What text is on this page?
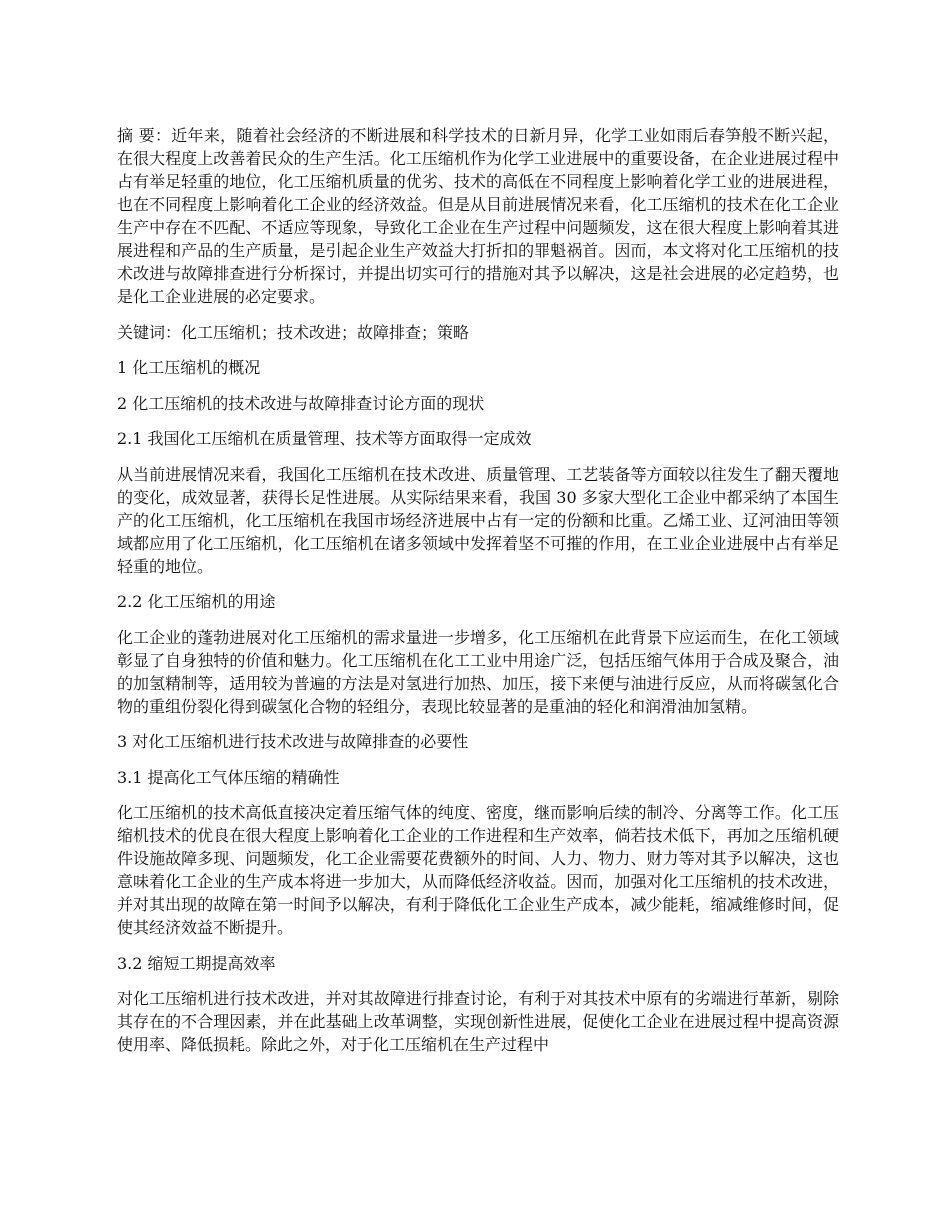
摘 要：近年来，随着社会经济的不断进展和科学技术的日新月异，化学工业如雨后春笋般不断兴起，在很大程度上改善着民众的生产生活。化工压缩机作为化学工业进展中的重要设备，在企业进展过程中占有举足轻重的地位，化工压缩机质量的优劣、技术的高低在不同程度上影响着化学工业的进展进程，也在不同程度上影响着化工企业的经济效益。但是从目前进展情况来看，化工压缩机的技术在化工企业生产中存在不匹配、不适应等现象，导致化工企业在生产过程中问题频发，这在很大程度上影响着其进展进程和产品的生产质量，是引起企业生产效益大打折扣的罪魁祸首。因而，本文将对化工压缩机的技术改进与故障排查进行分析探讨，并提出切实可行的措施对其予以解决，这是社会进展的必定趋势，也是化工企业进展的必定要求。

关键词：化工压缩机；技术改进；故障排查；策略

1 化工压缩机的概况

2 化工压缩机的技术改进与故障排查讨论方面的现状

2.1 我国化工压缩机在质量管理、技术等方面取得一定成效

从当前进展情况来看，我国化工压缩机在技术改进、质量管理、工艺装备等方面较以往发生了翻天覆地的变化，成效显著，获得长足性进展。从实际结果来看，我国 30 多家大型化工企业中都采纳了本国生产的化工压缩机，化工压缩机在我国市场经济进展中占有一定的份额和比重。乙烯工业、辽河油田等领域都应用了化工压缩机，化工压缩机在诸多领域中发挥着坚不可摧的作用，在工业企业进展中占有举足轻重的地位。

2.2 化工压缩机的用途

化工企业的蓬勃进展对化工压缩机的需求量进一步增多，化工压缩机在此背景下应运而生，在化工领域彰显了自身独特的价值和魅力。化工压缩机在化工工业中用途广泛，包括压缩气体用于合成及聚合，油的加氢精制等，适用较为普遍的方法是对氢进行加热、加压，接下来便与油进行反应，从而将碳氢化合物的重组份裂化得到碳氢化合物的轻组分，表现比较显著的是重油的轻化和润滑油加氢精。

3 对化工压缩机进行技术改进与故障排查的必要性

3.1 提高化工气体压缩的精确性

化工压缩机的技术高低直接决定着压缩气体的纯度、密度，继而影响后续的制冷、分离等工作。化工压缩机技术的优良在很大程度上影响着化工企业的工作进程和生产效率，倘若技术低下，再加之压缩机硬件设施故障多现、问题频发，化工企业需要花费额外的时间、人力、物力、财力等对其予以解决，这也意味着化工企业的生产成本将进一步加大，从而降低经济收益。因而，加强对化工压缩机的技术改进，并对其出现的故障在第一时间予以解决，有利于降低化工企业生产成本，减少能耗，缩减维修时间，促使其经济效益不断提升。

3.2 缩短工期提高效率

对化工压缩机进行技术改进，并对其故障进行排查讨论，有利于对其技术中原有的劣端进行革新，剔除其存在的不合理因素，并在此基础上改革调整，实现创新性进展，促使化工企业在进展过程中提高资源使用率、降低损耗。除此之外，对于化工压缩机在生产过程中
